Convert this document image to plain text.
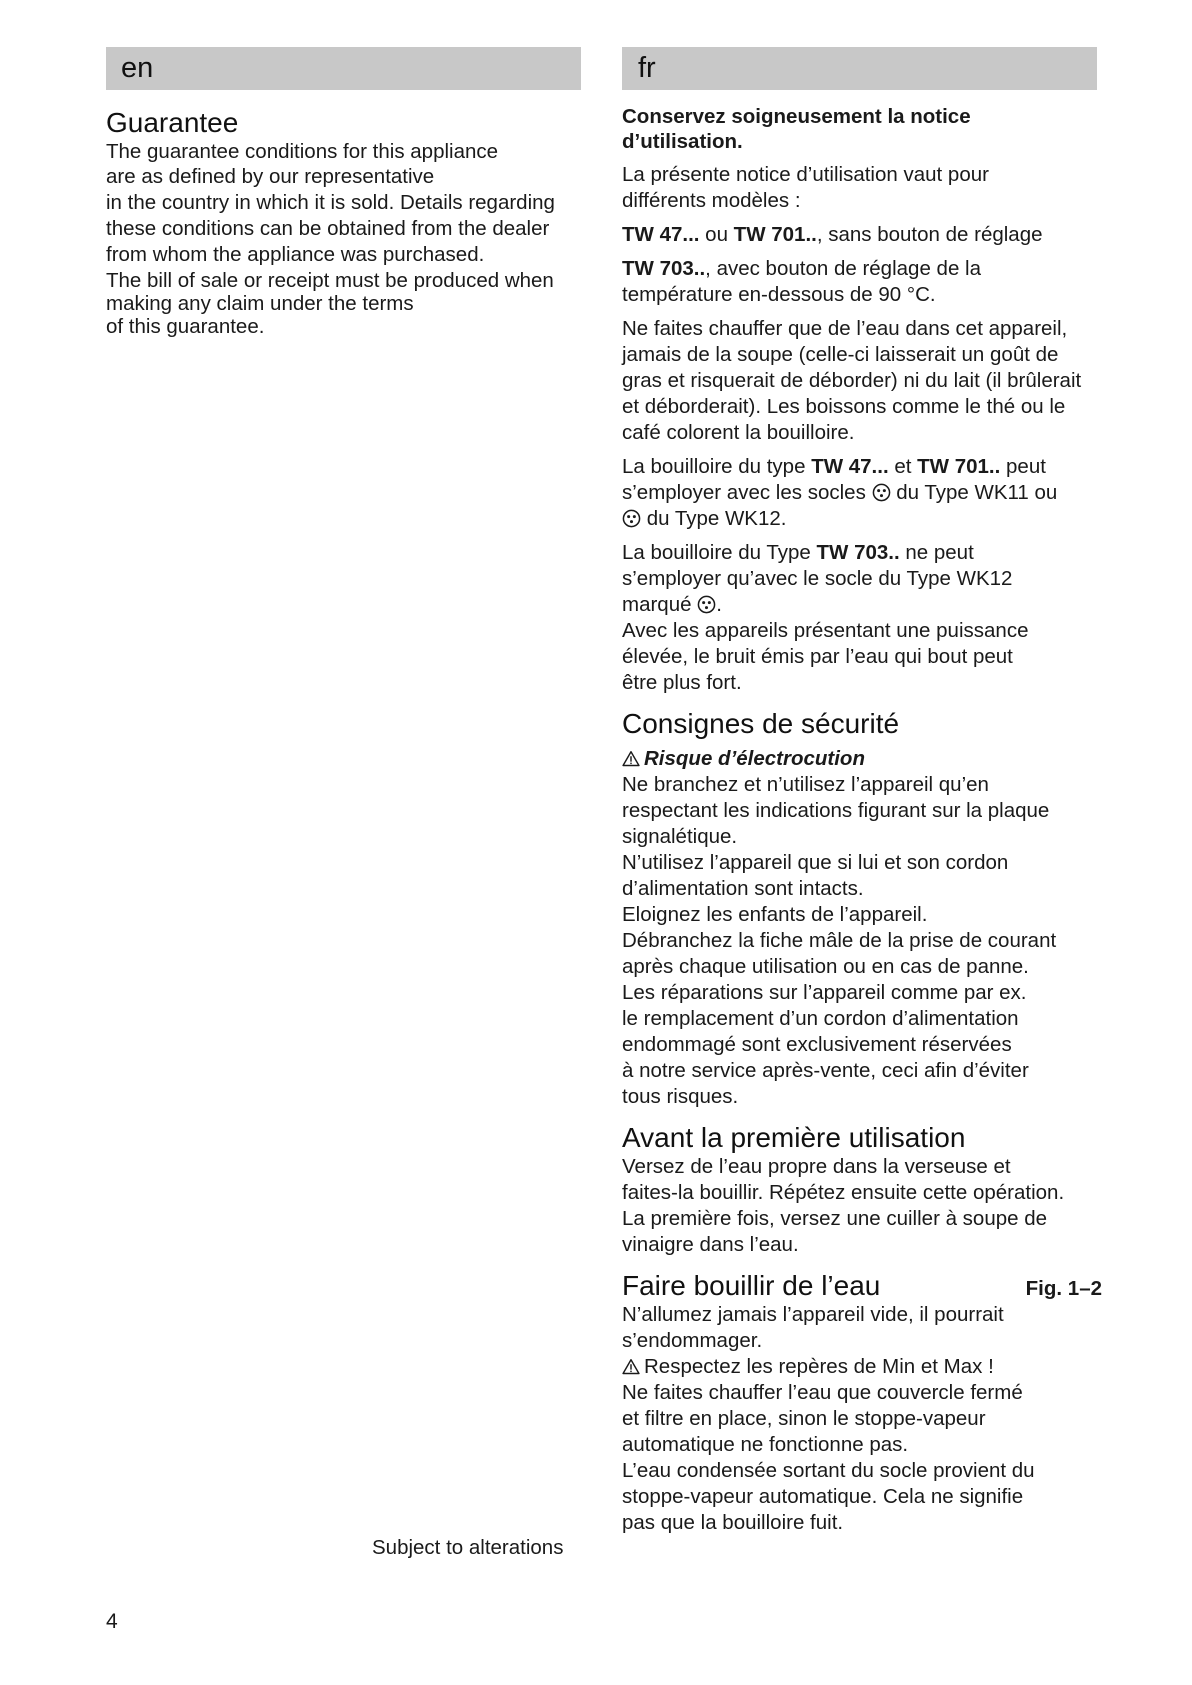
en
Guarantee

The guarantee conditions for this appliance

are as defined by our representative

in the country in which it is sold. Details regarding

these conditions can be obtained from the dealer

from whom the appliance was purchased.

The bill of sale or receipt must be produced when

making any claim under the terms

of this guarantee.

Subject to alterations
fr

Conservez soigneusement la notice

d’utilisation.

La présente notice d’utilisation vaut pour

différents modèles :

TW 47... ou TW 701.., sans bouton de réglage

TW 703.., avec bouton de réglage de la

température en-dessous de 90 °C.

Ne faites chauffer que de l’eau dans cet appareil,

jamais de la soupe (celle-ci laisserait un goût de

gras et risquerait de déborder) ni du lait (il brûlerait

et déborderait). Les boissons comme le thé ou le

café colorent la bouilloire.

La bouilloire du type TW 47... et TW 701.. peut

s’employer avec les socles  du Type WK11 ou

du Type WK12.

La bouilloire du Type TW 703.. ne peut

s’employer qu’avec le socle du Type WK12

marqué .

Avec les appareils présentant une puissance

élevée, le bruit émis par l’eau qui bout peut

être plus fort.

Consignes de sécurité

Risque d’électrocution

Ne branchez et n’utilisez l’appareil qu’en

respectant les indications figurant sur la plaque

signalétique.

N’utilisez l’appareil que si lui et son cordon

d’alimentation sont intacts.

Eloignez les enfants de l’appareil.

Débranchez la fiche mâle de la prise de courant

après chaque utilisation ou en cas de panne.

Les réparations sur l’appareil comme par ex.

le remplacement d’un cordon d’alimentation

endommagé sont exclusivement réservées

à notre service après-vente, ceci afin d’éviter

tous risques.

Avant la première utilisation

Versez de l’eau propre dans la verseuse et

faites-la bouillir. Répétez ensuite cette opération.

La première fois, versez une cuiller à soupe de

vinaigre dans l’eau.

Faire bouillir de l’eau	Fig. 1–2

N’allumez jamais l’appareil vide, il pourrait

s’endommager.

Respectez les repères de Min et Max !

Ne faites chauffer l’eau que couvercle fermé

et filtre en place, sinon le stoppe-vapeur

automatique ne fonctionne pas.

L’eau condensée sortant du socle provient du

stoppe-vapeur automatique. Cela ne signifie

pas que la bouilloire fuit.

4
